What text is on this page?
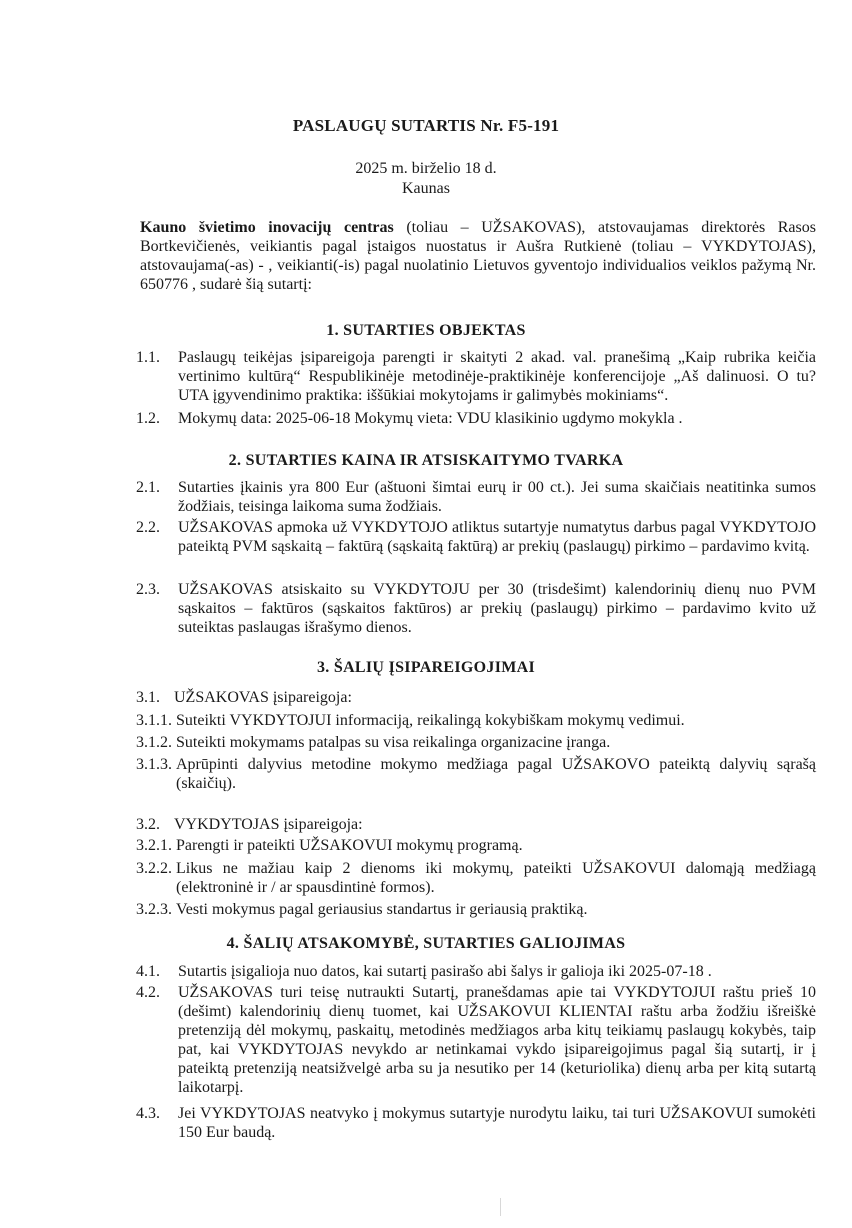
PASLAUGŲ SUTARTIS Nr. F5-191
2025 m. birželio 18 d.
Kaunas
Kauno švietimo inovacijų centras (toliau – UŽSAKOVAS), atstovaujamas direktorės Rasos Bortkevičienės, veikiantis pagal įstaigos nuostatus ir Aušra Rutkienė (toliau – VYKDYTOJAS), atstovaujama(-as) - , veikianti(-is) pagal nuolatinio Lietuvos gyventojo individualios veiklos pažymą Nr. 650776 , sudarė šią sutartį:
1. SUTARTIES OBJEKTAS
1.1. Paslaugų teikėjas įsipareigoja parengti ir skaityti 2 akad. val. pranešimą „Kaip rubrika keičia vertinimo kultūrą“ Respublikinėje metodinėje-praktikinėje konferencijoje „Aš dalinuosi. O tu? UTA įgyvendinimo praktika: iššūkiai mokytojams ir galimybės mokiniams“.
1.2. Mokymų data: 2025-06-18 Mokymų vieta: VDU klasikinio ugdymo mokykla .
2. SUTARTIES KAINA IR ATSISKAITYMO TVARKA
2.1. Sutarties įkainis yra 800 Eur (aštuoni šimtai eurų ir 00 ct.). Jei suma skaičiais neatitinka sumos žodžiais, teisinga laikoma suma žodžiais.
2.2. UŽSAKOVAS apmoka už VYKDYTOJO atliktus sutartyje numatytus darbus pagal VYKDYTOJO pateiktą PVM sąskaitą – faktūrą (sąskaitą faktūrą) ar prekių (paslaugų) pirkimo – pardavimo kvitą.
2.3. UŽSAKOVAS atsiskaito su VYKDYTOJU per 30 (trisdešimt) kalendorinių dienų nuo PVM sąskaitos – faktūros (sąskaitos faktūros) ar prekių (paslaugų) pirkimo – pardavimo kvito už suteiktas paslaugas išrašymo dienos.
3. ŠALIŲ ĮSIPAREIGOJIMAI
3.1. UŽSAKOVAS įsipareigoja:
3.1.1. Suteikti VYKDYTOJUI informaciją, reikalingą kokybiškam mokymų vedimui.
3.1.2. Suteikti mokymams patalpas su visa reikalinga organizacine įranga.
3.1.3. Aprūpinti dalyvius metodine mokymo medžiaga pagal UŽSAKOVO pateiktą dalyvių sąrašą (skaičių).
3.2. VYKDYTOJAS įsipareigoja:
3.2.1. Parengti ir pateikti UŽSAKOVUI mokymų programą.
3.2.2. Likus ne mažiau kaip 2 dienoms iki mokymų, pateikti UŽSAKOVUI dalomąją medžiagą (elektroninė ir / ar spausdintinė formos).
3.2.3. Vesti mokymus pagal geriausius standartus ir geriausią praktiką.
4. ŠALIŲ ATSAKOMYBĖ, SUTARTIES GALIOJIMAS
4.1. Sutartis įsigalioja nuo datos, kai sutartį pasirašo abi šalys ir galioja iki 2025-07-18 .
4.2. UŽSAKOVAS turi teisę nutraukti Sutartį, pranešdamas apie tai VYKDYTOJUI raštu prieš 10 (dešimt) kalendorinių dienų tuomet, kai UŽSAKOVUI KLIENTAI raštu arba žodžiu išreiškė pretenziją dėl mokymų, paskaitų, metodinės medžiagos arba kitų teikiamų paslaugų kokybės, taip pat, kai VYKDYTOJAS nevykdo ar netinkamai vykdo įsipareigojimus pagal šią sutartį, ir į pateiktą pretenziją neatsižvelgė arba su ja nesutiko per 14 (keturiolika) dienų arba per kitą sutartą laikotarpį.
4.3. Jei VYKDYTOJAS neatvyko į mokymus sutartyje nurodytu laiku, tai turi UŽSAKOVUI sumokėti 150 Eur baudą.
